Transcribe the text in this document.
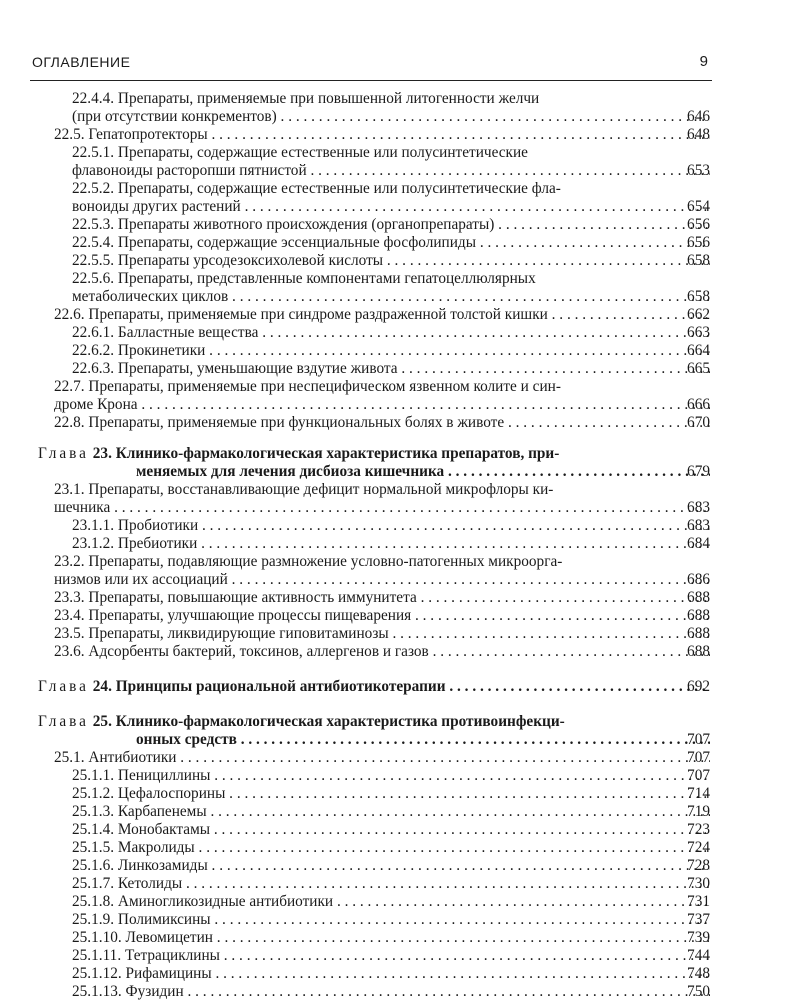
ОГЛАВЛЕНИЕ	9
22.4.4. Препараты, применяемые при повышенной литогенности желчи
(при отсутствии конкрементов) . . .	646
22.5. Гепатопротекторы . . .	648
22.5.1. Препараты, содержащие естественные или полусинтетические
флавоноиды расторопши пятнистой . . .	653
22.5.2. Препараты, содержащие естественные или полусинтетические фла-
воноиды других растений . . .	654
22.5.3. Препараты животного происхождения (органопрепараты) . . .	656
22.5.4. Препараты, содержащие эссенциальные фосфолипиды . . .	656
22.5.5. Препараты урсодезоксихолевой кислоты . . .	658
22.5.6. Препараты, представленные компонентами гепатоцеллюлярных
метаболических циклов . . .	658
22.6. Препараты, применяемые при синдроме раздраженной толстой кишки . . .	662
22.6.1. Балластные вещества . . .	663
22.6.2. Прокинетики . . .	664
22.6.3. Препараты, уменьшающие вздутие живота . . .	665
22.7. Препараты, применяемые при неспецифическом язвенном колите и син-
дроме Крона . . .	666
22.8. Препараты, применяемые при функциональных болях в животе . . .	670
Глава 23. Клинико-фармакологическая характеристика препаратов, при-
меняемых для лечения дисбиоза кишечника . . .	679
23.1. Препараты, восстанавливающие дефицит нормальной микрофлоры ки-
шечника . . .	683
23.1.1. Пробиотики . . .	683
23.1.2. Пребиотики . . .	684
23.2. Препараты, подавляющие размножение условно-патогенных микроорга-
низмов или их ассоциаций . . .	686
23.3. Препараты, повышающие активность иммунитета . . .	688
23.4. Препараты, улучшающие процессы пищеварения . . .	688
23.5. Препараты, ликвидирующие гиповитаминозы . . .	688
23.6. Адсорбенты бактерий, токсинов, аллергенов и газов . . .	688
Глава 24. Принципы рациональной антибиотикотерапии . . .	692
Глава 25. Клинико-фармакологическая характеристика противоинфекци-
онных средств . . .	707
25.1. Антибиотики . . .	707
25.1.1. Пенициллины . . .	707
25.1.2. Цефалоспорины . . .	714
25.1.3. Карбапенемы . . .	719
25.1.4. Монобактамы . . .	723
25.1.5. Макролиды . . .	724
25.1.6. Линкозамиды . . .	728
25.1.7. Кетолиды . . .	730
25.1.8. Аминогликозидные антибиотики . . .	731
25.1.9. Полимиксины . . .	737
25.1.10. Левомицетин . . .	739
25.1.11. Тетрациклины . . .	744
25.1.12. Рифамицины . . .	748
25.1.13. Фузидин . . .	750
